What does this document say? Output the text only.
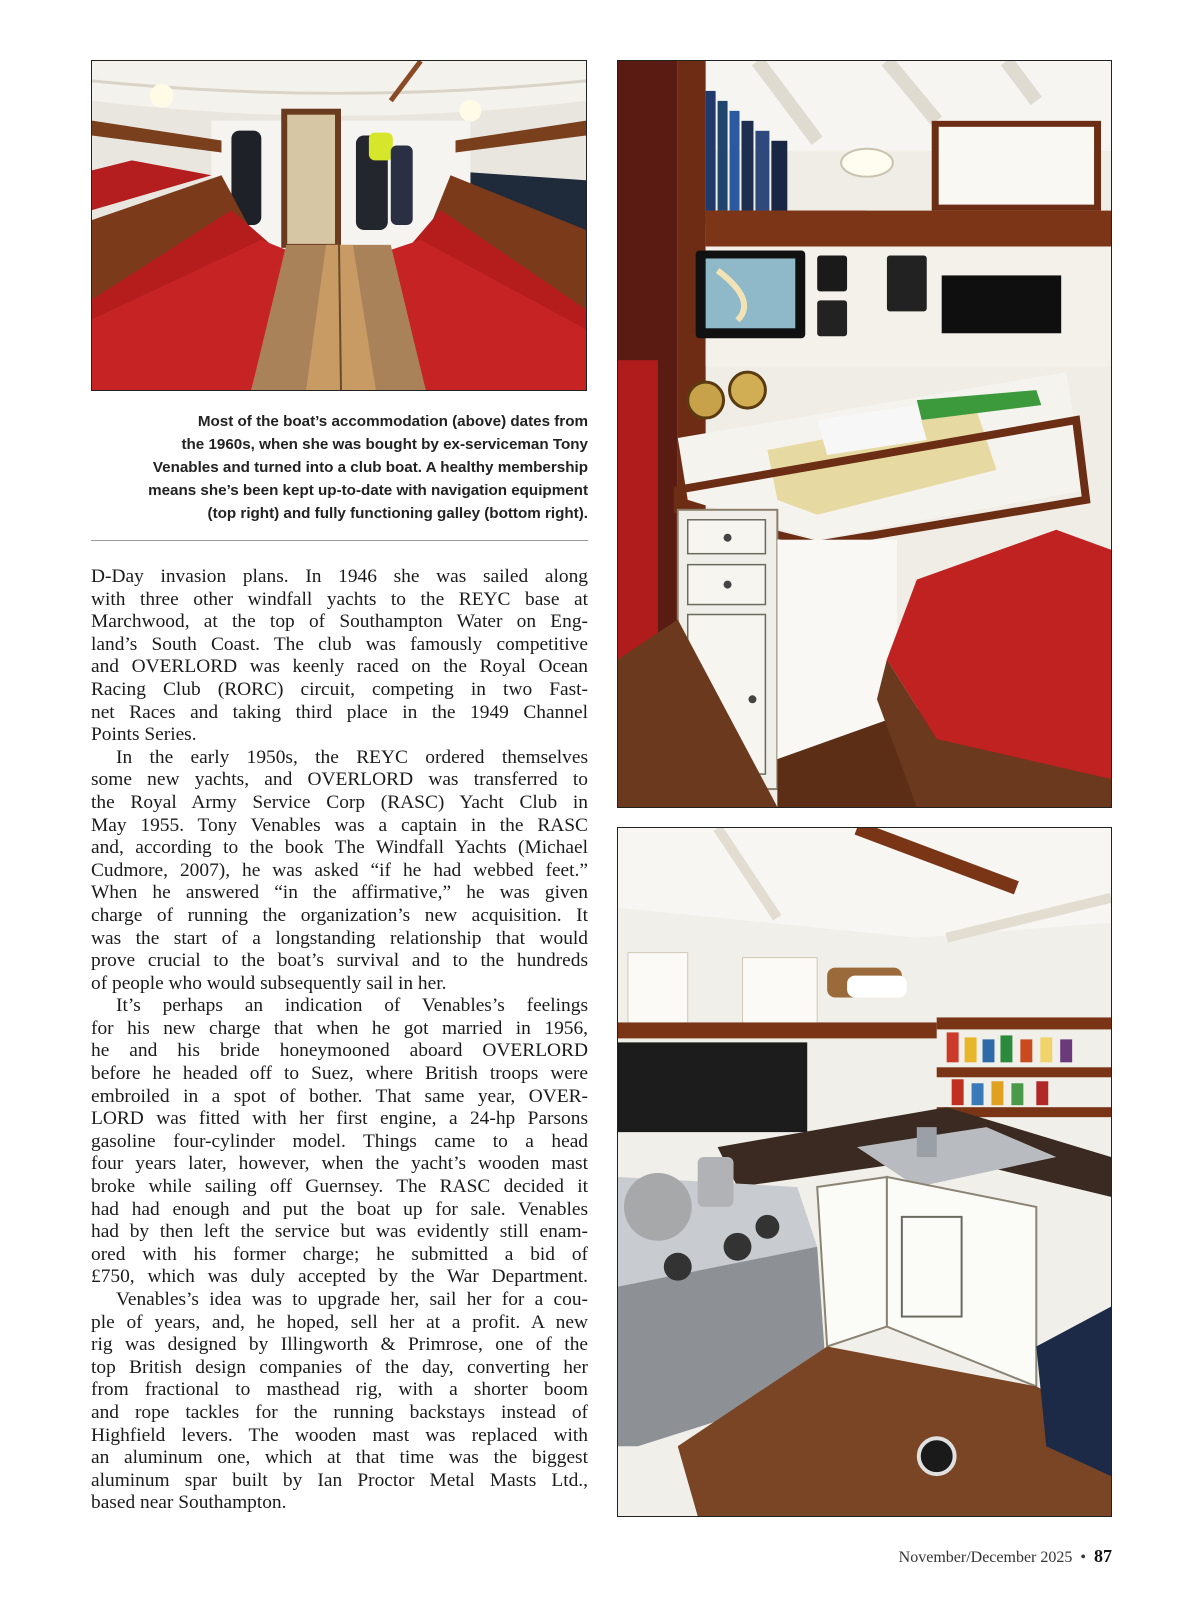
Most of the boat’s accommodation (above) dates from
the 1960s, when she was bought by ex-serviceman Tony
Venables and turned into a club boat. A healthy membership
means she’s been kept up-to-date with navigation equipment
(top right) and fully functioning galley (bottom right).
D-Day invasion plans. In 1946 she was sailed along
with three other windfall yachts to the REYC base at
Marchwood, at the top of Southampton Water on Eng-
land’s South Coast. The club was famously competitive
and OVERLORD was keenly raced on the Royal Ocean
Racing Club (RORC) circuit, competing in two Fast-
net Races and taking third place in the 1949 Channel
Points Series.
In the early 1950s, the REYC ordered themselves
some new yachts, and OVERLORD was transferred to
the Royal Army Service Corp (RASC) Yacht Club in
May 1955. Tony Venables was a captain in the RASC
and, according to the book The Windfall Yachts (Michael
Cudmore, 2007), he was asked “if he had webbed feet.”
When he answered “in the affirmative,” he was given
charge of running the organization’s new acquisition. It
was the start of a longstanding relationship that would
prove crucial to the boat’s survival and to the hundreds
of people who would subsequently sail in her.
It’s perhaps an indication of Venables’s feelings
for his new charge that when he got married in 1956,
he and his bride honeymooned aboard OVERLORD
before he headed off to Suez, where British troops were
embroiled in a spot of bother. That same year, OVER-
LORD was fitted with her first engine, a 24-hp Parsons
gasoline four-cylinder model. Things came to a head
four years later, however, when the yacht’s wooden mast
broke while sailing off Guernsey. The RASC decided it
had had enough and put the boat up for sale. Venables
had by then left the service but was evidently still enam-
ored with his former charge; he submitted a bid of
£750, which was duly accepted by the War Department.
Venables’s idea was to upgrade her, sail her for a cou-
ple of years, and, he hoped, sell her at a profit. A new
rig was designed by Illingworth & Primrose, one of the
top British design companies of the day, converting her
from fractional to masthead rig, with a shorter boom
and rope tackles for the running backstays instead of
Highfield levers. The wooden mast was replaced with
an aluminum one, which at that time was the biggest
aluminum spar built by Ian Proctor Metal Masts Ltd.,
based near Southampton.
November/December 2025 • 87
